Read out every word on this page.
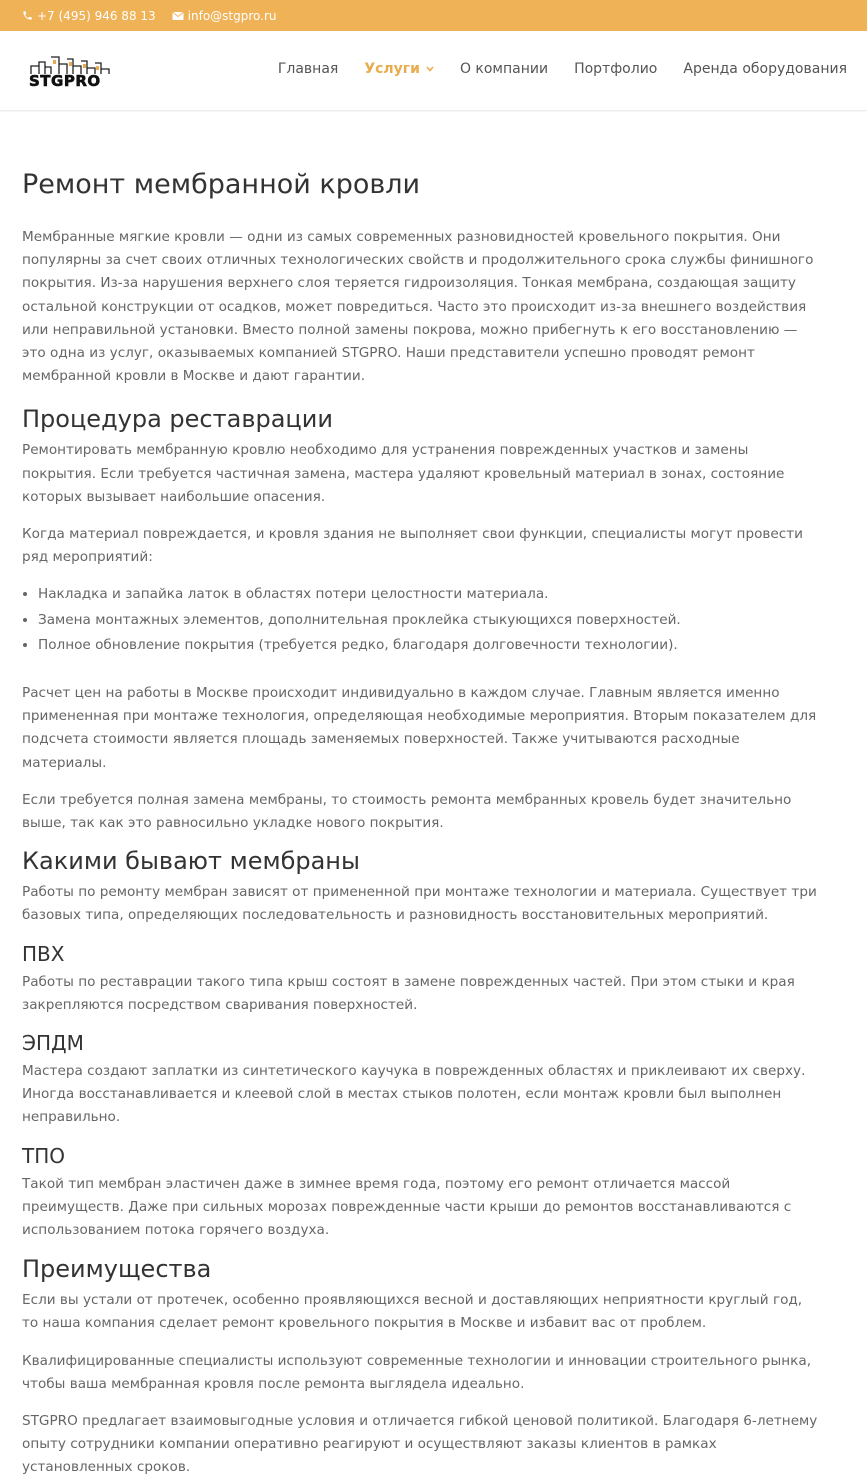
+7 (495) 946 88 13	info@stgpro.ru
STGPRO
Главная Услуги	О компании Портфолио Аренда оборудования
Ремонт мембранной кровли

Мембранные мягкие кровли — одни из самых современных разновидностей кровельного покрытия. Они популярны за счет своих отличных технологических свойств и продолжительного срока службы финишного покрытия. Из-за нарушения верхнего слоя теряется гидроизоляция. Тонкая мембрана, создающая защиту остальной конструкции от осадков, может повредиться. Часто это происходит из-за внешнего воздействия или неправильной установки. Вместо полной замены покрова, можно прибегнуть к его восстановлению — это одна из услуг, оказываемых компанией STGPRO. Наши представители успешно проводят ремонт мембранной кровли в Москве и дают гарантии.

Процедура реставрации

Ремонтировать мембранную кровлю необходимо для устранения поврежденных участков и замены покрытия. Если требуется частичная замена, мастера удаляют кровельный материал в зонах, состояние которых вызывает наибольшие опасения.

Когда материал повреждается, и кровля здания не выполняет свои функции, специалисты могут провести ряд мероприятий:

• Накладка и запайка латок в областях потери целостности материала.
• Замена монтажных элементов, дополнительная проклейка стыкующихся поверхностей.
• Полное обновление покрытия (требуется редко, благодаря долговечности технологии).

Расчет цен на работы в Москве происходит индивидуально в каждом случае. Главным является именно примененная при монтаже технология, определяющая необходимые мероприятия. Вторым показателем для подсчета стоимости является площадь заменяемых поверхностей. Также учитываются расходные материалы.

Если требуется полная замена мембраны, то стоимость ремонта мембранных кровель будет значительно выше, так как это равносильно укладке нового покрытия.

Какими бывают мембраны

Работы по ремонту мембран зависят от примененной при монтаже технологии и материала. Существует три базовых типа, определяющих последовательность и разновидность восстановительных мероприятий.

ПВХ

Работы по реставрации такого типа крыш состоят в замене поврежденных частей. При этом стыки и края закрепляются посредством сваривания поверхностей.

ЭПДМ

Мастера создают заплатки из синтетического каучука в поврежденных областях и приклеивают их сверху. Иногда восстанавливается и клеевой слой в местах стыков полотен, если монтаж кровли был выполнен неправильно.

ТПО

Такой тип мембран эластичен даже в зимнее время года, поэтому его ремонт отличается массой преимуществ. Даже при сильных морозах поврежденные части крыши до ремонтов восстанавливаются с использованием потока горячего воздуха.

Преимущества

Если вы устали от протечек, особенно проявляющихся весной и доставляющих неприятности круглый год, то наша компания сделает ремонт кровельного покрытия в Москве и избавит вас от проблем.

Квалифицированные специалисты используют современные технологии и инновации строительного рынка, чтобы ваша мембранная кровля после ремонта выглядела идеально.

STGPRO предлагает взаимовыгодные условия и отличается гибкой ценовой политикой. Благодаря 6-летнему опыту сотрудники компании оперативно реагируют и осуществляют заказы клиентов в рамках установленных сроков.
